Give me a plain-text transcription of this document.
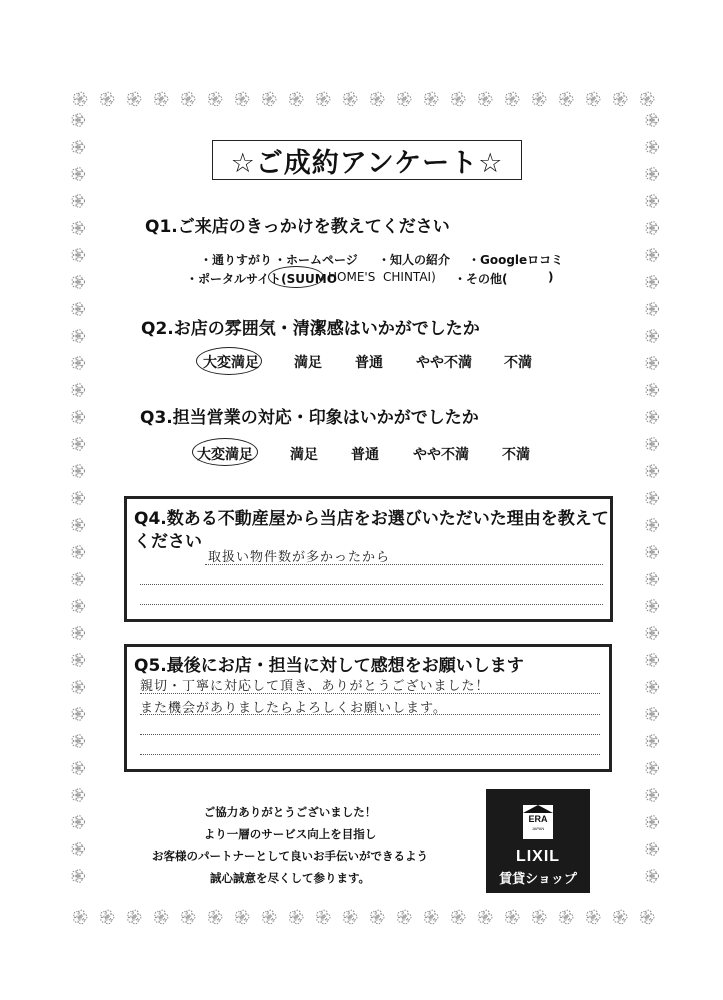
☆ご成約アンケート☆
Q1.ご来店のきっかけを教えてください
・通りすがり ・ホームページ ・知人の紹介 ・Googleロコミ
・ポータルサイト(SUUMO
HOME'S CHINTAI) ・その他(	)
Q2.お店の雰囲気・清潔感はいかがでしたか
大変満足	満足 普通 やや不満 不満
Q3.担当営業の対応・印象はいかがでしたか
大変満足	満足 普通 やや不満 不満
Q4.数ある不動産屋から当店をお選びいただいた理由を教えて
ください
取扱い物件数が多かったから
Q5.最後にお店・担当に対して感想をお願いします
親切・丁寧に対応して頂き、ありがとうございました！
また機会がありましたらよろしくお願いします。
ご協力ありがとうございました！
より一層のサービス向上を目指し
お客様のパートナーとして良いお手伝いができるよう
誠心誠意を尽くして参ります。
ERA
JAPAN
LIXIL
賃貸ショップ
